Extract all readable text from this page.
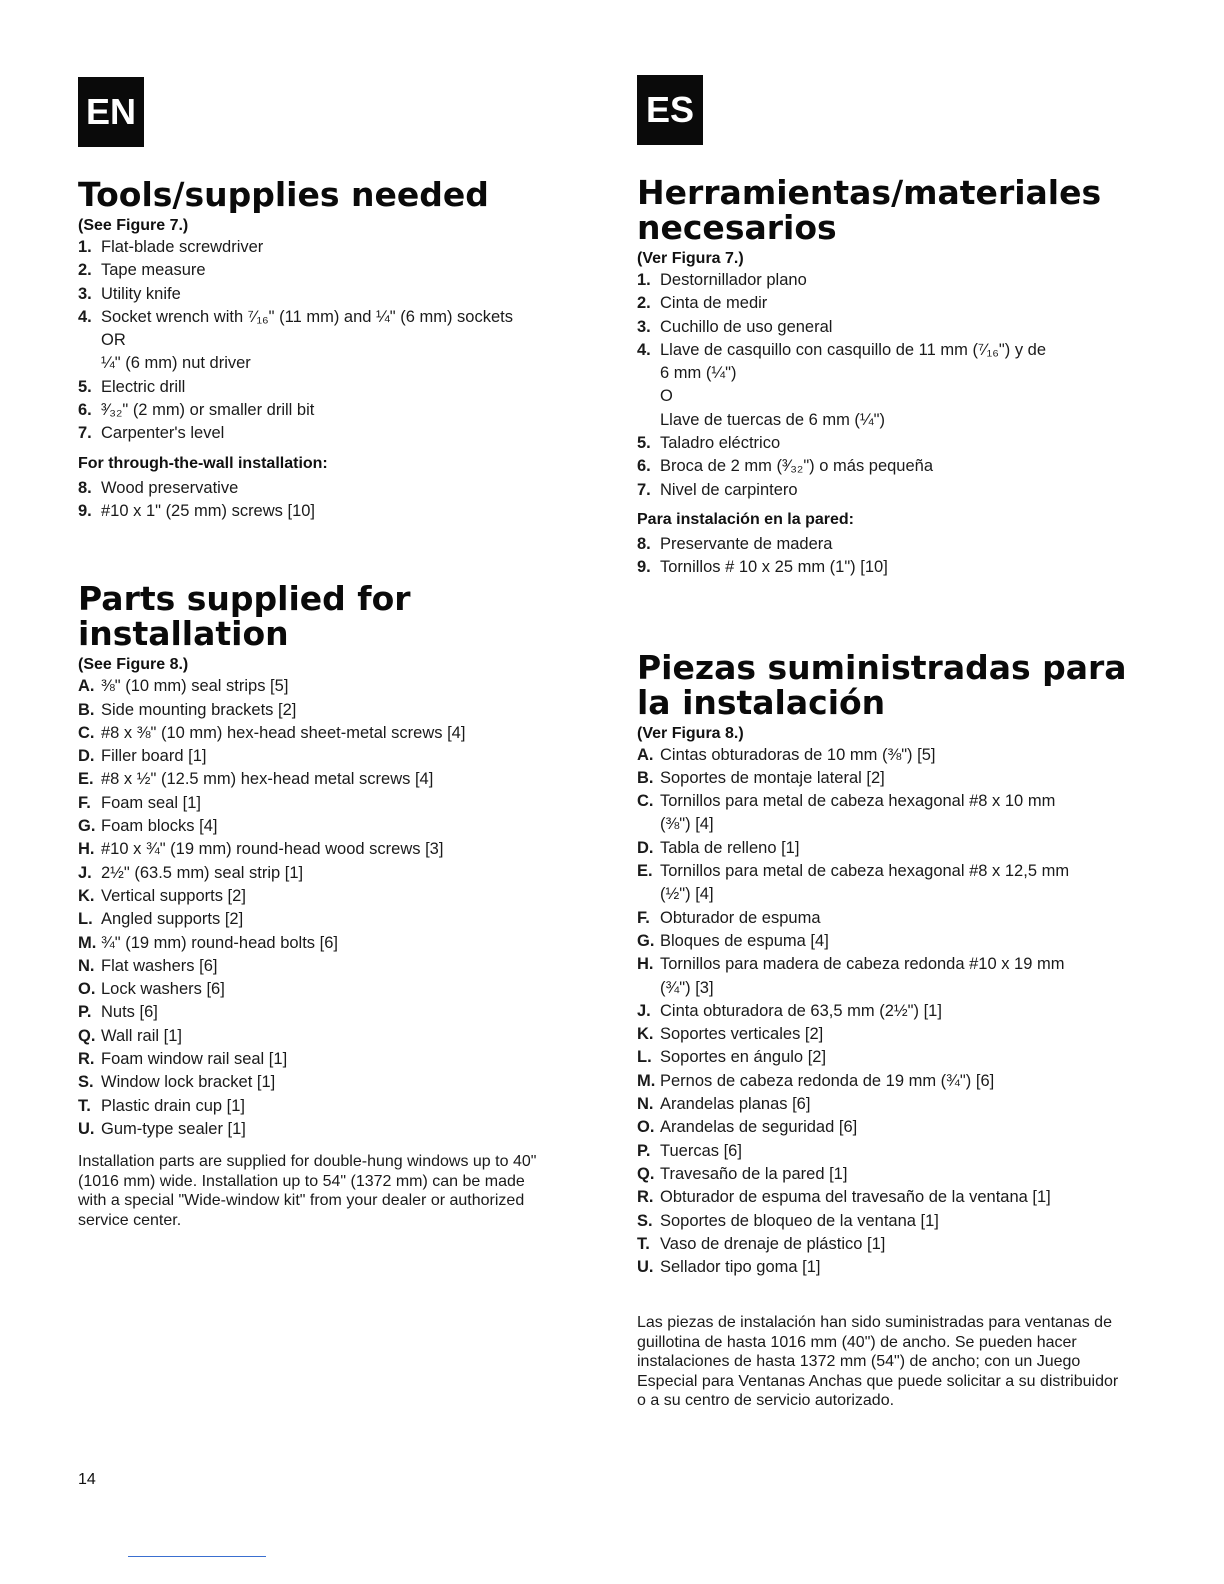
EN
Tools/supplies needed
(See Figure 7.)
1. Flat-blade screwdriver
2. Tape measure
3. Utility knife
4. Socket wrench with ⁷⁄₁₆" (11 mm) and ¼" (6 mm) sockets
OR
¼" (6 mm) nut driver
5. Electric drill
6. ³⁄₃₂" (2 mm) or smaller drill bit
7. Carpenter's level
For through-the-wall installation:
8. Wood preservative
9. #10 x 1" (25 mm) screws [10]
Parts supplied for installation
(See Figure 8.)
A. ⅜" (10 mm) seal strips [5]
B. Side mounting brackets [2]
C. #8 x ⅜" (10 mm) hex-head sheet-metal screws [4]
D. Filler board [1]
E. #8 x ½" (12.5 mm) hex-head metal screws [4]
F. Foam seal [1]
G. Foam blocks [4]
H. #10 x ¾" (19 mm) round-head wood screws [3]
J. 2½" (63.5 mm) seal strip [1]
K. Vertical supports [2]
L. Angled supports [2]
M. ¾" (19 mm) round-head bolts [6]
N. Flat washers [6]
O. Lock washers [6]
P. Nuts [6]
Q. Wall rail [1]
R. Foam window rail seal [1]
S. Window lock bracket [1]
T. Plastic drain cup [1]
U. Gum-type sealer [1]

Installation parts are supplied for double-hung windows up to 40" (1016 mm) wide. Installation up to 54" (1372 mm) can be made with a special "Wide-window kit" from your dealer or authorized service center.

ES
Herramientas/materiales necesarios
(Ver Figura 7.)
1. Destornillador plano
2. Cinta de medir
3. Cuchillo de uso general
4. Llave de casquillo con casquillo de 11 mm (⁷⁄₁₆") y de
6 mm (¼")
O
Llave de tuercas de 6 mm (¼")
5. Taladro eléctrico
6. Broca de 2 mm (³⁄₃₂") o más pequeña
7. Nivel de carpintero
Para instalación en la pared:
8. Preservante de madera
9. Tornillos # 10 x 25 mm (1") [10]
Piezas suministradas para la instalación
(Ver Figura 8.)
A. Cintas obturadoras de 10 mm (⅜") [5]
B. Soportes de montaje lateral [2]
C. Tornillos para metal de cabeza hexagonal #8 x 10 mm
(⅜") [4]
D. Tabla de relleno [1]
E. Tornillos para metal de cabeza hexagonal #8 x 12,5 mm
(½") [4]
F. Obturador de espuma
G. Bloques de espuma [4]
H. Tornillos para madera de cabeza redonda #10 x 19 mm
(¾") [3]
J. Cinta obturadora de 63,5 mm (2½") [1]
K. Soportes verticales [2]
L. Soportes en ángulo [2]
M. Pernos de cabeza redonda de 19 mm (¾") [6]
N. Arandelas planas [6]
O. Arandelas de seguridad [6]
P. Tuercas [6]
Q. Travesaño de la pared [1]
R. Obturador de espuma del travesaño de la ventana [1]
S. Soportes de bloqueo de la ventana [1]
T. Vaso de drenaje de plástico [1]
U. Sellador tipo goma [1]

Las piezas de instalación han sido suministradas para ventanas de guillotina de hasta 1016 mm (40") de ancho. Se pueden hacer instalaciones de hasta 1372 mm (54") de ancho; con un Juego Especial para Ventanas Anchas que puede solicitar a su distribuidor o a su centro de servicio autorizado.

14
